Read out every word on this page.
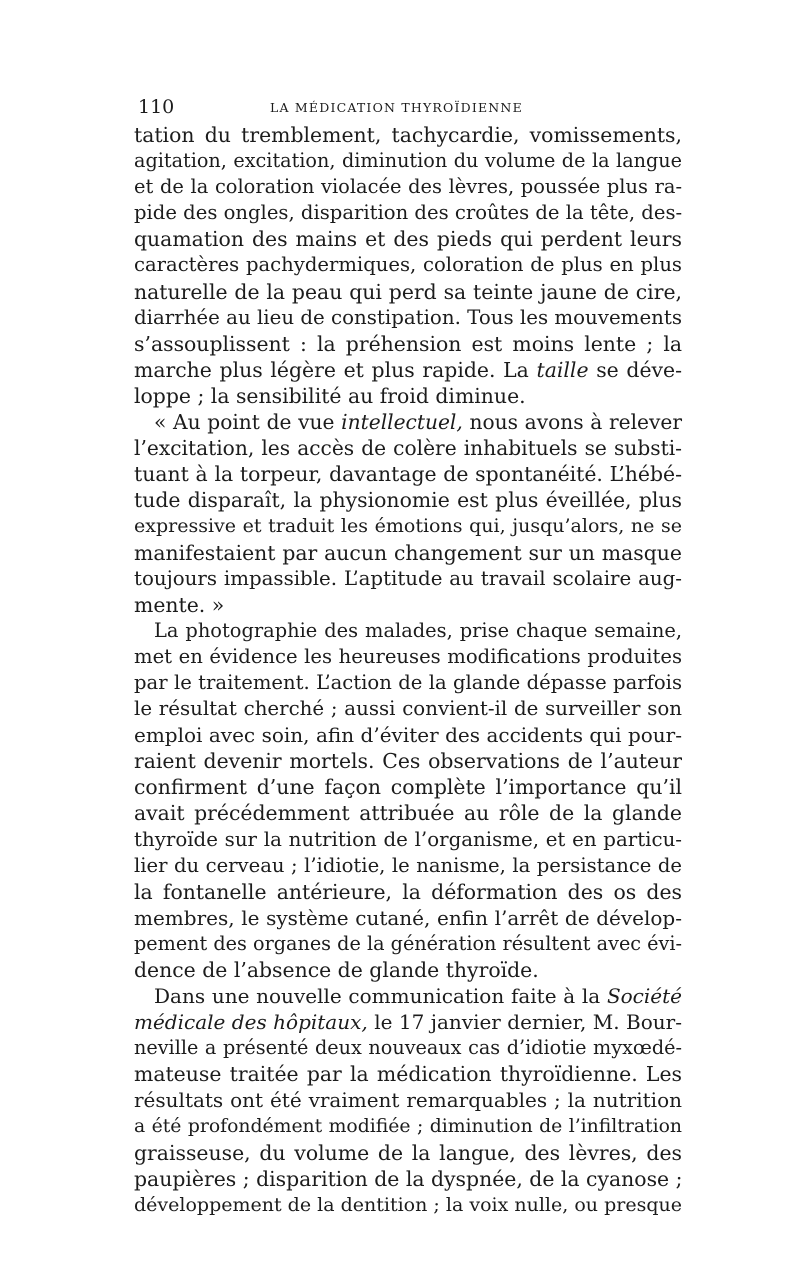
110	LA MÉDICATION THYROÏDIENNE
tation du tremblement, tachycardie, vomissements,
agitation, excitation, diminution du volume de la langue
et de la coloration violacée des lèvres, poussée plus ra-
pide des ongles, disparition des croûtes de la tête, des-
quamation des mains et des pieds qui perdent leurs
caractères pachydermiques, coloration de plus en plus
naturelle de la peau qui perd sa teinte jaune de cire,
diarrhée au lieu de constipation. Tous les mouvements
s’assouplissent : la préhension est moins lente ; la
marche plus légère et plus rapide. La taille se déve-
loppe ; la sensibilité au froid diminue.
« Au point de vue intellectuel, nous avons à relever
l’excitation, les accès de colère inhabituels se substi-
tuant à la torpeur, davantage de spontanéité. L’hébé-
tude disparaît, la physionomie est plus éveillée, plus
expressive et traduit les émotions qui, jusqu’alors, ne se
manifestaient par aucun changement sur un masque
toujours impassible. L’aptitude au travail scolaire aug-
mente. »
La photographie des malades, prise chaque semaine,
met en évidence les heureuses modifications produites
par le traitement. L’action de la glande dépasse parfois
le résultat cherché ; aussi convient-il de surveiller son
emploi avec soin, afin d’éviter des accidents qui pour-
raient devenir mortels. Ces observations de l’auteur
confirment d’une façon complète l’importance qu’il
avait précédemment attribuée au rôle de la glande
thyroïde sur la nutrition de l’organisme, et en particu-
lier du cerveau ; l’idiotie, le nanisme, la persistance de
la fontanelle antérieure, la déformation des os des
membres, le système cutané, enfin l’arrêt de dévelop-
pement des organes de la génération résultent avec évi-
dence de l’absence de glande thyroïde.
Dans une nouvelle communication faite à la Société
médicale des hôpitaux, le 17 janvier dernier, M. Bour-
neville a présenté deux nouveaux cas d’idiotie myxœdé-
mateuse traitée par la médication thyroïdienne. Les
résultats ont été vraiment remarquables ; la nutrition
a été profondément modifiée ; diminution de l’infiltration
graisseuse, du volume de la langue, des lèvres, des
paupières ; disparition de la dyspnée, de la cyanose ;
développement de la dentition ; la voix nulle, ou presque
